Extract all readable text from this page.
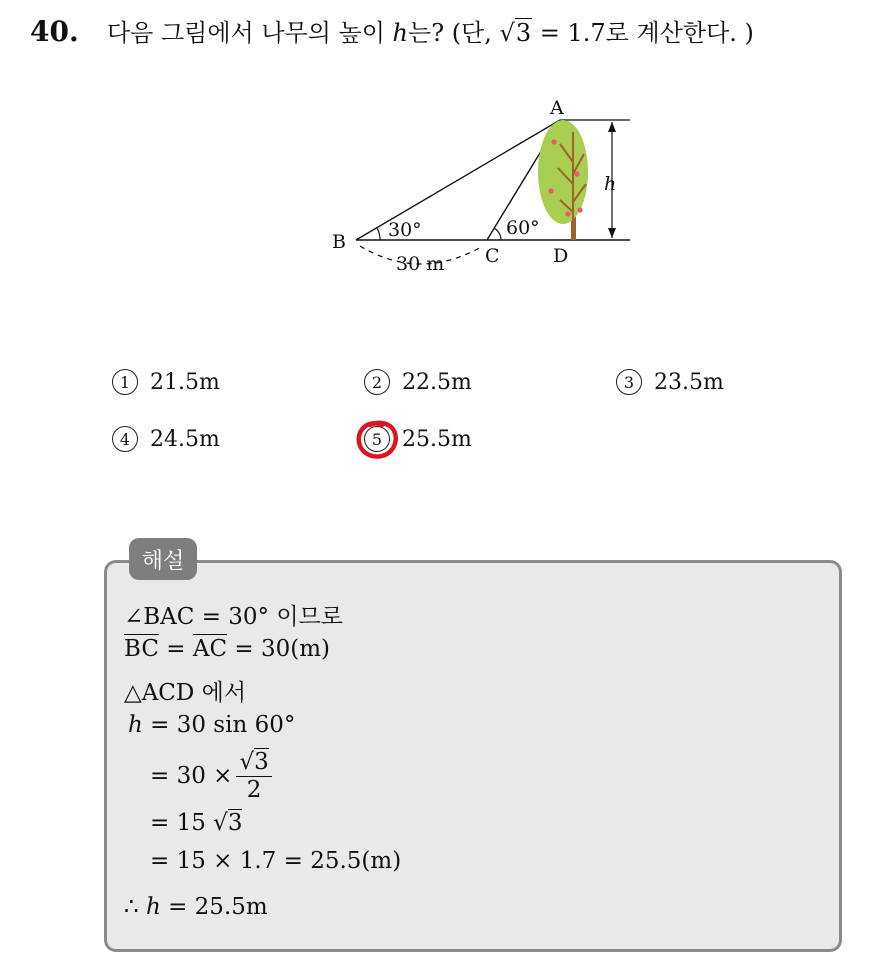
40. 다음 그림에서 나무의 높이 h는? (단, √3 = 1.7로 계산한다. )
A
B
C	D
30°	60°
30 m
h
1 21.5m	2 22.5m	3 23.5m
4 24.5m	5 25.5m
해설
∠BAC = 30° 이므로
BC = AC = 30(m)
△ACD 에서
h = 30 sin 60°
= $30 \times \frac{√3}{2}$
= 15 √3
= 15 × 1.7 = 25.5(m)
∴ h = 25.5m
